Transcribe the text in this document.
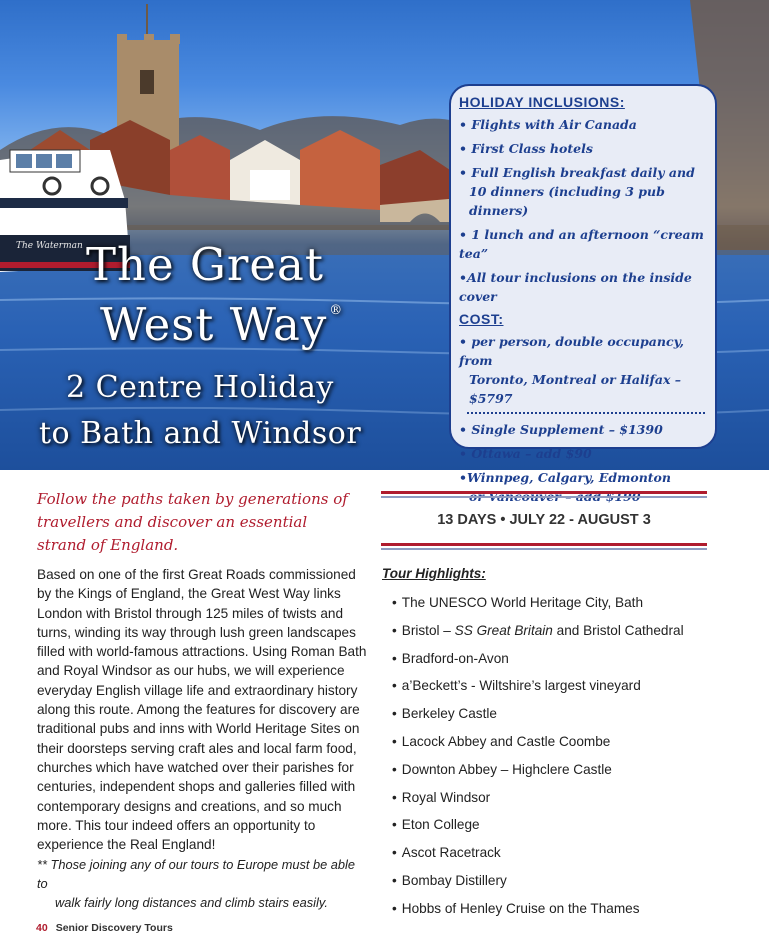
The Waterman The Great

West Way ®

2 Centre Holiday

to Bath and Windsor

HOLIDAY INCLUSIONS:

• Flights with Air Canada

• First Class hotels

• Full English breakfast daily and

10 dinners (including 3 pub dinners)

• 1 lunch and an afternoon “cream tea”

•All tour inclusions on the inside cover

COST:

• per person, double occupancy, from

Toronto, Montreal or Halifax – $5797

• Single Supplement – $1390

• Ottawa – add $90

•Winnpeg, Calgary, Edmonton

or Vancouver – add $190

Follow the paths taken by generations of travellers and discover an essential strand of England.

Based on one of the first Great Roads commissioned by the Kings of England, the Great West Way links London with Bristol through 125 miles of twists and turns, winding its way through lush green landscapes filled with world-famous attractions. Using Roman Bath and Royal Windsor as our hubs, we will experience everyday English village life and extraordinary history along this route. Among the features for discovery are traditional pubs and inns with World Heritage Sites on their doorsteps serving craft ales and local farm food, churches which have watched over their parishes for centuries, independent shops and galleries filled with contemporary designs and creations, and so much more. This tour indeed offers an opportunity to experience the Real England!

** Those joining any of our tours to Europe must be able to
walk fairly long distances and climb stairs easily.

13 DAYS • JULY 22 - AUGUST 3

Tour Highlights:

• The UNESCO World Heritage City, Bath
• Bristol – SS Great Britain and Bristol Cathedral
• Bradford-on-Avon
• a’Beckett’s - Wiltshire’s largest vineyard
• Berkeley Castle
• Lacock Abbey and Castle Coombe
• Downton Abbey – Highclere Castle
• Royal Windsor
• Eton College
• Ascot Racetrack
• Bombay Distillery
• Hobbs of Henley Cruise on the Thames

40 Senior Discovery Tours
